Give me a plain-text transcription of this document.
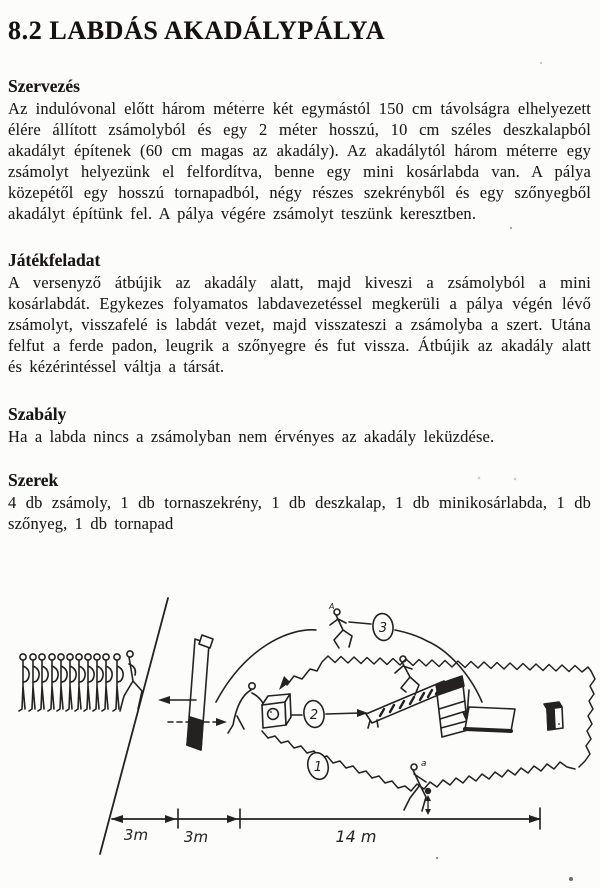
8.2 LABDÁS AKADÁLYPÁLYA
Szervezés

Az indulóvonal előtt három méterre két egymástól 150 cm távolságra elhelyezett élére állított zsámolyból és egy 2 méter hosszú, 10 cm széles deszkalapból akadályt építenek (60 cm magas az akadály). Az akadálytól három méterre egy zsámolyt helyezünk el felfordítva, benne egy mini kosárlabda van. A pálya közepétől egy hosszú tornapadból, négy részes szekrényből és egy szőnyegből akadályt építünk fel. A pálya végére zsámolyt teszünk keresztben.

Játékfeladat

A versenyző átbújik az akadály alatt, majd kiveszi a zsámolyból a mini kosárlabdát. Egykezes folyamatos labdavezetéssel megkerüli a pálya végén lévő zsámolyt, visszafelé is labdát vezet, majd visszateszi a zsámolyba a szert. Utána felfut a ferde padon, leugrik a szőnyegre és fut vissza. Átbújik az akadály alatt és kézérintéssel váltja a társát.

Szabály

Ha a labda nincs a zsámolyban nem érvényes az akadály leküzdése.

Szerek

4 db zsámoly, 1 db tornaszekrény, 1 db deszkalap, 1 db minikosárlabda, 1 db szőnyeg, 1 db tornapad

2
1
A
3
a
3m 3m	14 m
